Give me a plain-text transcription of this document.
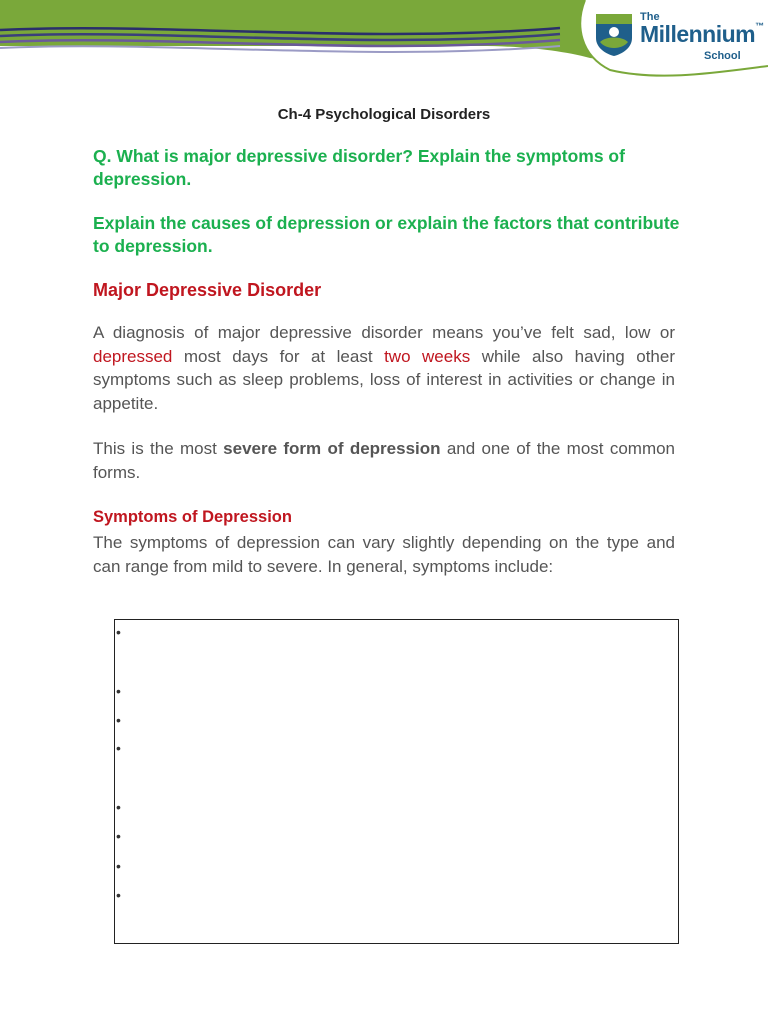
The
Millennium™
School
Ch-4 Psychological Disorders
Q. What is major depressive disorder? Explain the symptoms of depression.
Explain the causes of depression or explain the factors that contribute to depression.
Major Depressive Disorder
A diagnosis of major depressive disorder means you’ve felt sad, low or depressed most days for at least two weeks while also having other symptoms such as sleep problems, loss of interest in activities or change in appetite.
This is the most severe form of depression and one of the most common forms.
Symptoms of Depression
The symptoms of depression can vary slightly depending on the type and can range from mild to severe. In general, symptoms include:
•
•
•
•
•
•
•
•
